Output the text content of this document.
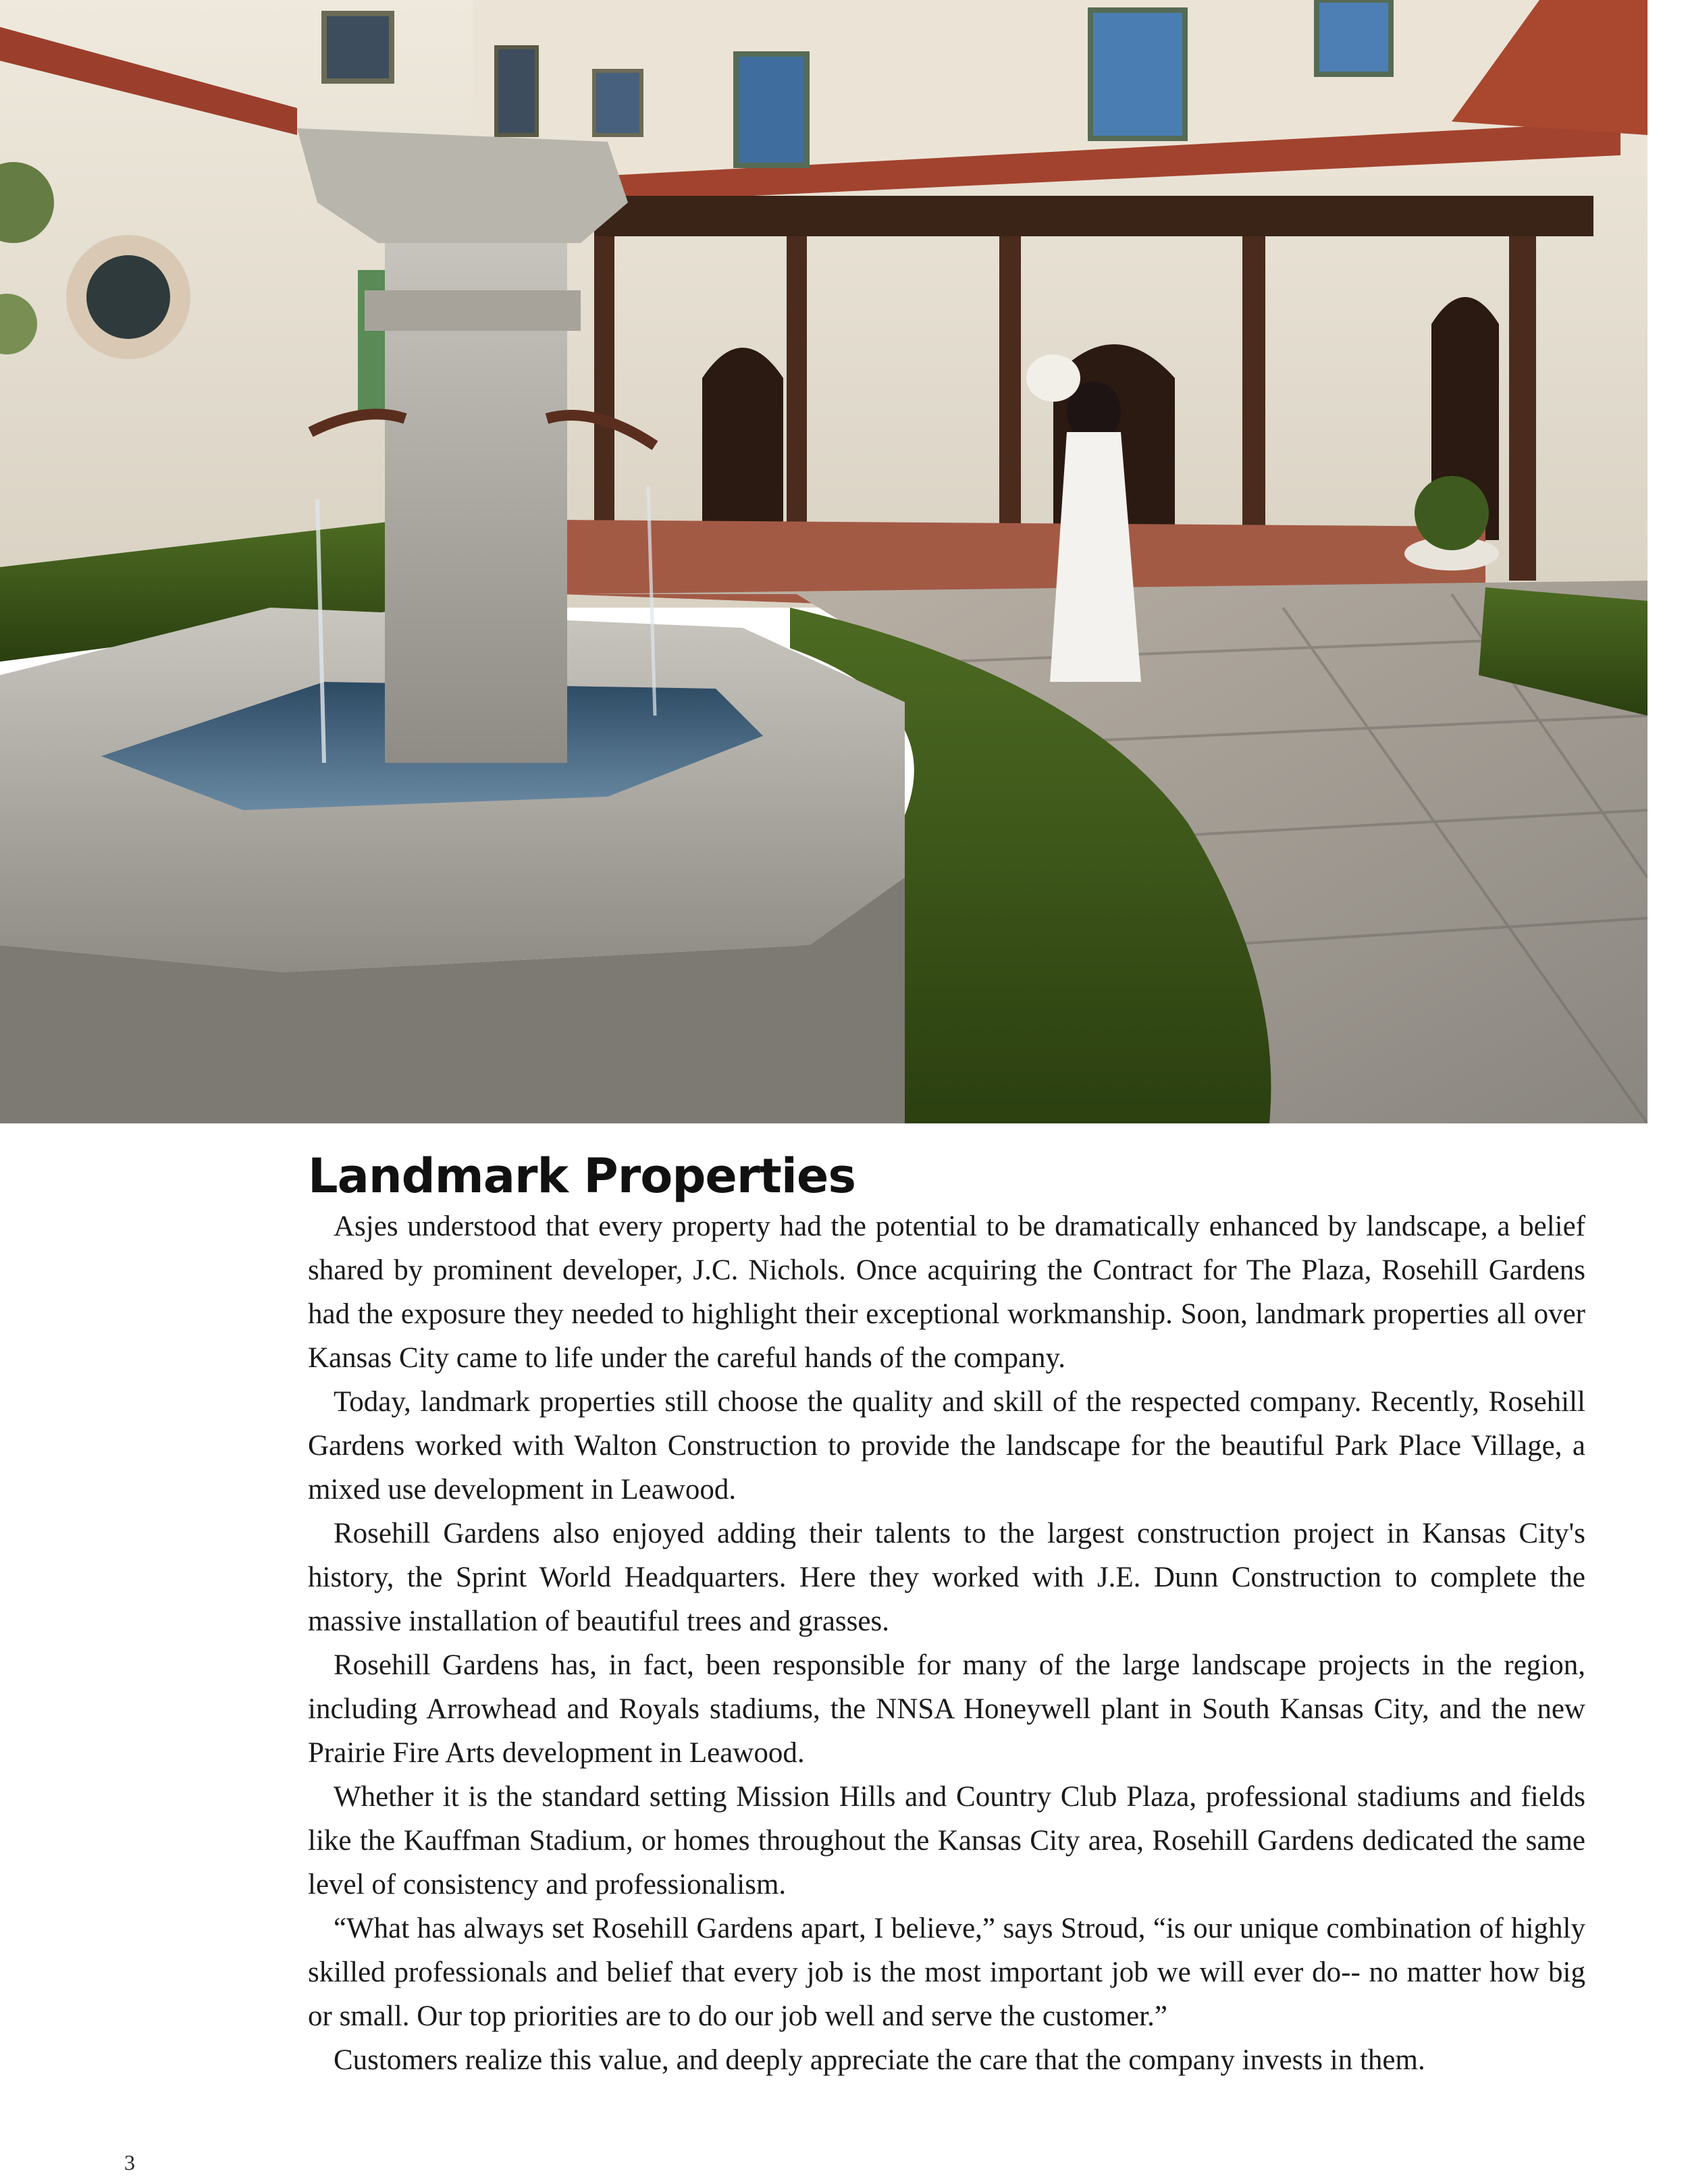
Landmark Properties

Asjes understood that every property had the potential to be dramatically enhanced by landscape, a belief shared by prominent developer, J.C. Nichols. Once acquiring the Contract for The Plaza, Rosehill Gardens had the exposure they needed to highlight their exceptional workmanship. Soon, landmark properties all over Kansas City came to life under the careful hands of the company.

Today, landmark properties still choose the quality and skill of the respected company. Recently, Rosehill Gardens worked with Walton Construction to provide the landscape for the beautiful Park Place Village, a mixed use development in Leawood.

Rosehill Gardens also enjoyed adding their talents to the largest construction project in Kansas City's history, the Sprint World Headquarters. Here they worked with J.E. Dunn Construction to complete the massive installation of beautiful trees and grasses.

Rosehill Gardens has, in fact, been responsible for many of the large landscape projects in the region, including Arrowhead and Royals stadiums, the NNSA Honeywell plant in South Kansas City, and the new Prairie Fire Arts development in Leawood.

Whether it is the standard setting Mission Hills and Country Club Plaza, professional stadiums and fields like the Kauffman Stadium, or homes throughout the Kansas City area, Rosehill Gardens dedicated the same level of consistency and professionalism.

“What has always set Rosehill Gardens apart, I believe,” says Stroud, “is our unique combination of highly skilled professionals and belief that every job is the most important job we will ever do-- no matter how big or small. Our top priorities are to do our job well and serve the customer.”

Customers realize this value, and deeply appreciate the care that the company invests in them.

3
